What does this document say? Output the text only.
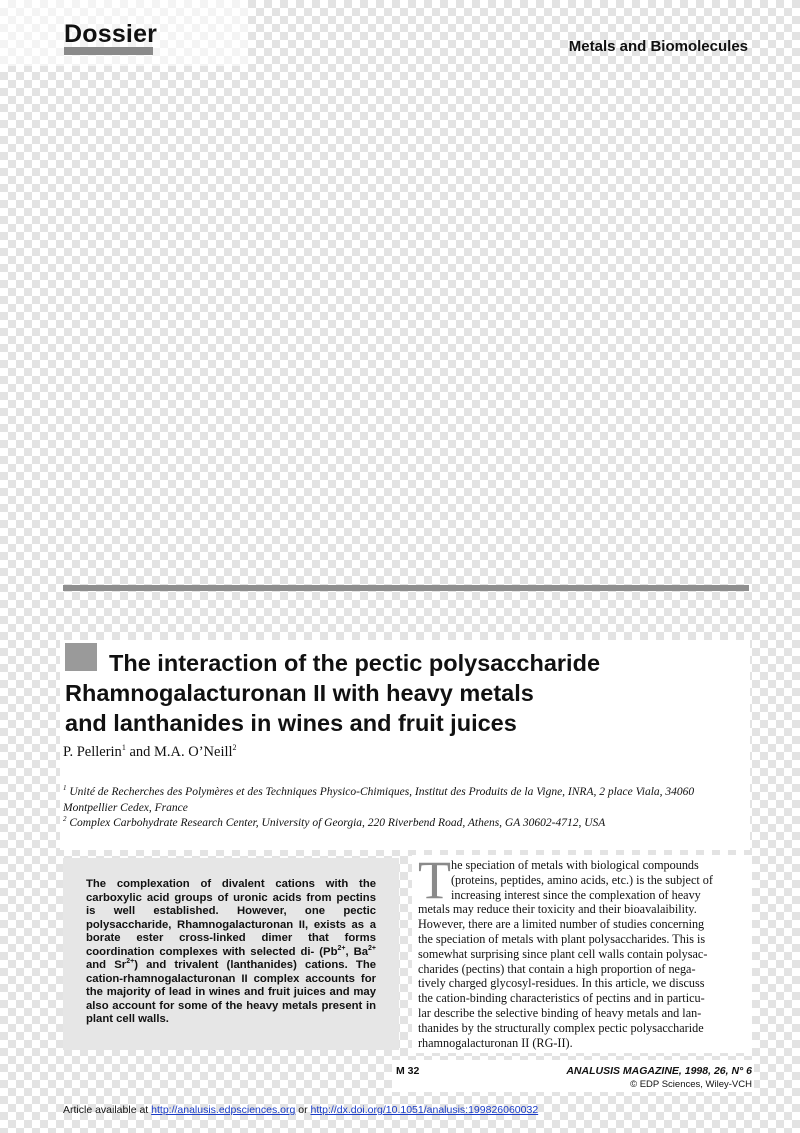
Dossier	Metals and Biomolecules
The interaction of the pectic polysaccharide
Rhamnogalacturonan II with heavy metals
and lanthanides in wines and fruit juices
P. Pellerin$^1$ and M.A. O’Neill$^2$
$^1$ Unité de Recherches des Polymères et des Techniques Physico-Chimiques, Institut des Produits de la Vigne, INRA, 2 place Viala, 34060 Montpellier Cedex, France
$^2$ Complex Carbohydrate Research Center, University of Georgia, 220 Riverbend Road, Athens, GA 30602-4712, USA
The complexation of divalent cations with the carboxylic acid groups of uronic acids from pectins is well established. However, one pectic polysaccharide, Rhamnogalacturonan II, exists as a borate ester cross-linked dimer that forms coordination complexes with selected di- ($Pb^{2+}$, $Ba^{2+}$ and $Sr^{2+}$) and trivalent (lanthanides) cations. The cation-rhamnogalacturonan II complex accounts for the majority of lead in wines and fruit juices and may also account for some of the heavy metals present in plant cell walls.
T he speciation of metals with biological compounds
(proteins, peptides, amino acids, etc.) is the subject of
increasing interest since the complexation of heavy
metals may reduce their toxicity and their bioavalaibility.
However, there are a limited number of studies concerning
the speciation of metals with plant polysaccharides. This is
somewhat surprising since plant cell walls contain polysac-
charides (pectins) that contain a high proportion of nega-
tively charged glycosyl-residues. In this article, we discuss
the cation-binding characteristics of pectins and in particu-
lar describe the selective binding of heavy metals and lan-
thanides by the structurally complex pectic polysaccharide
rhamnogalacturonan II (RG-II).
M 32	ANALUSIS MAGAZINE, 1998, 26, N° 6
© EDP Sciences, Wiley-VCH
Article available at http://analusis.edpsciences.org or http://dx.doi.org/10.1051/analusis:199826060032
